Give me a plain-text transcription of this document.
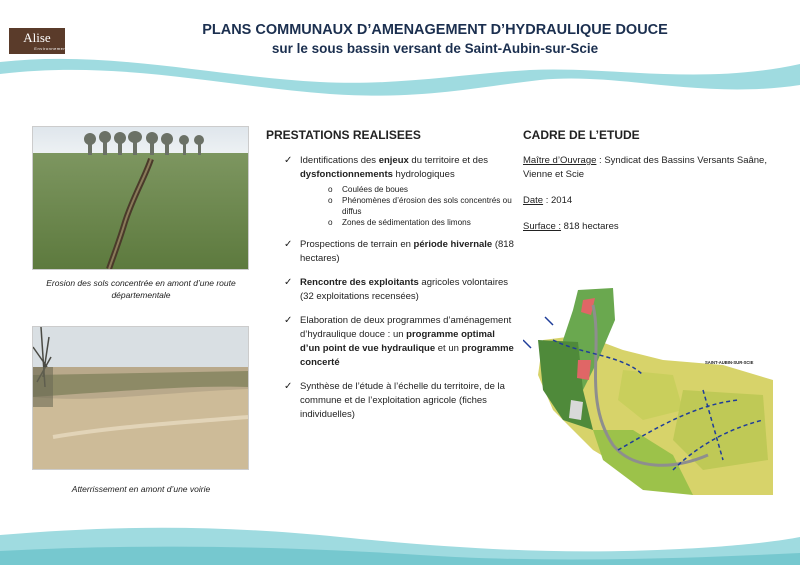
Alise
Environnement
PLANS COMMUNAUX D’AMENAGEMENT D’HYDRAULIQUE DOUCE
sur le sous bassin versant de Saint-Aubin-sur-Scie
Erosion des sols concentrée en amont d’une route départementale
Atterrissement en amont d’une voirie
PRESTATIONS REALISEES
✓ Identifications des enjeux du territoire et des dysfonctionnements hydrologiques
o Coulées de boues
o Phénomènes d’érosion des sols concentrés ou diffus
o Zones de sédimentation des limons
✓ Prospections de terrain en période hivernale (818 hectares)
✓ Rencontre des exploitants agricoles volontaires (32 exploitations recensées)
✓ Elaboration de deux programmes d’aménagement d’hydraulique douce : un programme optimal d’un point de vue hydraulique et un programme concerté
✓ Synthèse de l’étude à l’échelle du territoire, de la commune et de l’exploitation agricole (fiches individuelles)
CADRE DE L’ETUDE

Maître d’Ouvrage : Syndicat des Bassins Versants Saâne, Vienne et Scie

Date : 2014

Surface : 818 hectares

SAINT-AUBIN-SUR-SCIE
